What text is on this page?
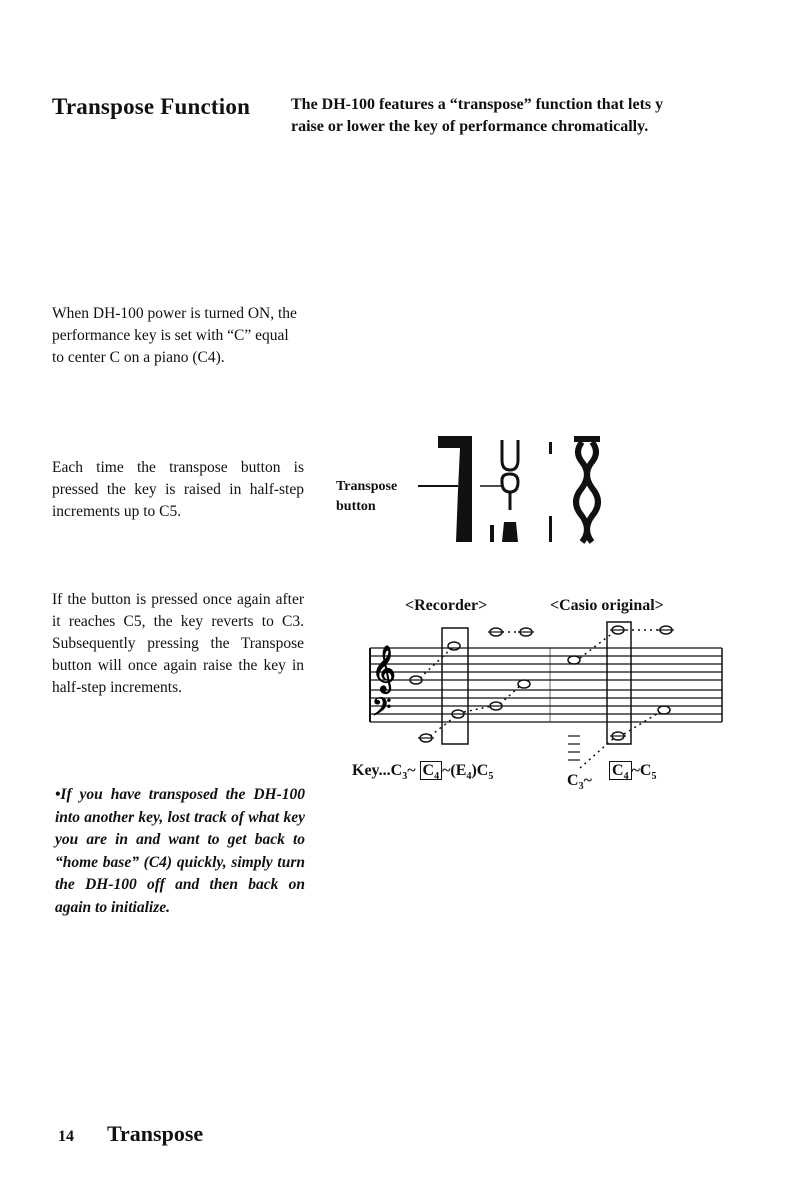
Transpose Function	The DH-100 features a “transpose” function that lets y
raise or lower the key of performance chromatically.
When DH-100 power is turned ON, the performance key is set with “C” equal to center C on a piano (C4).
Each time the transpose button is pressed the key is raised in half-step increments up to C5.
If the button is pressed once again after it reaches C5, the key reverts to C3. Subsequently pressing the Transpose button will once again raise the key in half-step increments.
•If you have transposed the DH-100 into another key, lost track of what key you are in and want to get back to “home base” (C4) quickly, simply turn the DH-100 off and then back on again to initialize.
Transpose
button
<Recorder>	<Casio original>
𝄞
𝄢
$Key...C_3\sim$ $C_4$ $\sim(E_4)C_5$	$C_3\sim$
$C_4$ $\sim C_5$
14 Transpose
